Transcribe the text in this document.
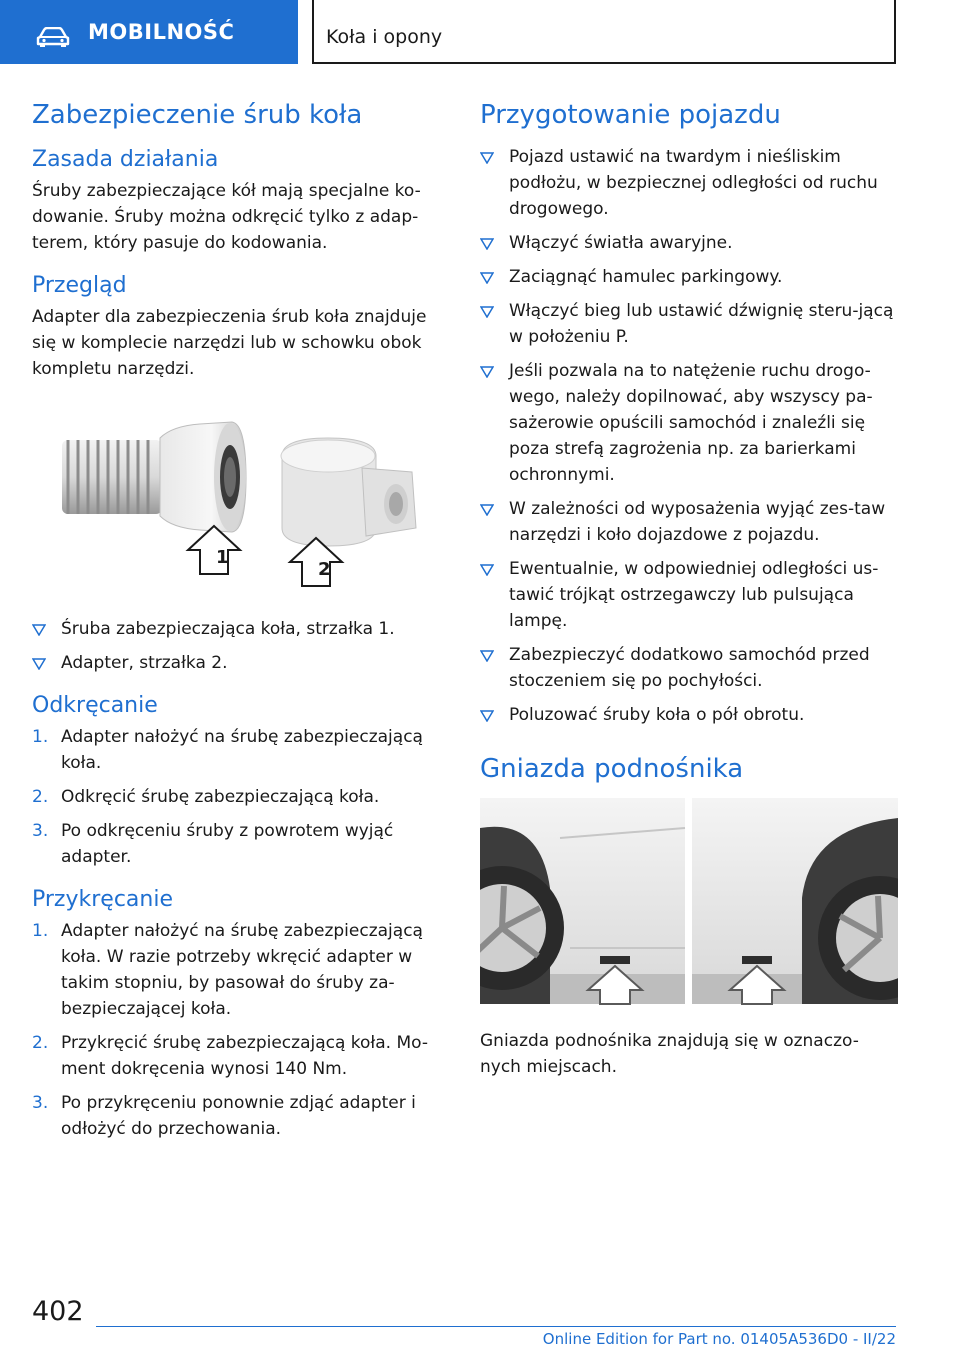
MOBILNOŚĆ	Koła i opony
Zabezpieczenie śrub koła
Zasada działania

Śruby zabezpieczające kół mają specjalne ko-dowanie. Śruby można odkręcić tylko z adap-terem, który pasuje do kodowania.

Przegląd

Adapter dla zabezpieczenia śrub koła znajduje się w komplecie narzędzi lub w schowku obok kompletu narzędzi.

1
2
Śruba zabezpieczająca koła, strzałka 1.
Adapter, strzałka 2.
Odkręcanie
1. Adapter nałożyć na śrubę zabezpieczającą koła.
2. Odkręcić śrubę zabezpieczającą koła.
3. Po odkręceniu śruby z powrotem wyjąć adapter.
Przykręcanie
1. Adapter nałożyć na śrubę zabezpieczającą koła. W razie potrzeby wkręcić adapter w takim stopniu, by pasował do śruby za-bezpieczającej koła.
2. Przykręcić śrubę zabezpieczającą koła. Mo-ment dokręcenia wynosi 140 Nm.
3. Po przykręceniu ponownie zdjąć adapter i odłożyć do przechowania.
Przygotowanie pojazdu
Pojazd ustawić na twardym i nieśliskim podłożu, w bezpiecznej odległości od ruchu drogowego.
Włączyć światła awaryjne.
Zaciągnąć hamulec parkingowy.
Włączyć bieg lub ustawić dźwignię steru-jącą w położeniu P.
Jeśli pozwala na to natężenie ruchu drogo-wego, należy dopilnować, aby wszyscy pa-sażerowie opuścili samochód i znaleźli się poza strefą zagrożenia np. za barierkami ochronnymi.
W zależności od wyposażenia wyjąć zes-taw narzędzi i koło dojazdowe z pojazdu.
Ewentualnie, w odpowiedniej odległości us-tawić trójkąt ostrzegawczy lub pulsująca lampę.
Zabezpieczyć dodatkowo samochód przed stoczeniem się po pochyłości.
Poluzować śruby koła o pół obrotu.
Gniazda podnośnika

Gniazda podnośnika znajdują się w oznaczo-nych miejscach.

402
Online Edition for Part no. 01405A536D0 - II/22
